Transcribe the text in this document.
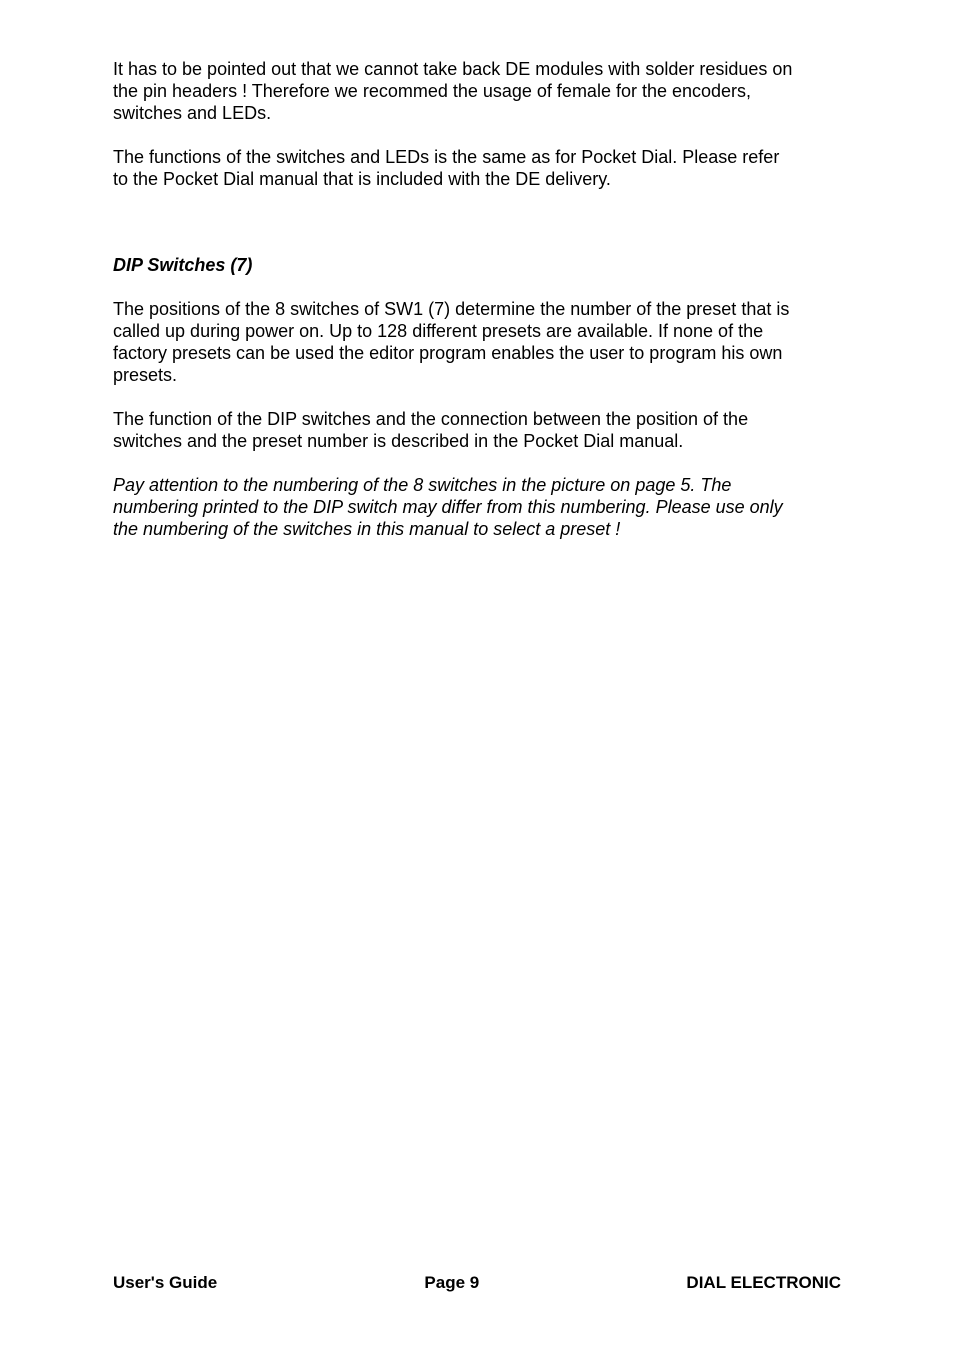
It has to be pointed out that we cannot take back DE modules with solder residues on
the pin headers ! Therefore we recommed the usage of female for the encoders,
switches and LEDs.

The functions of the switches and LEDs is the same as for Pocket Dial. Please refer
to the Pocket Dial manual that is included with the DE delivery.

DIP Switches (7)

The positions of the 8 switches of SW1 (7) determine the number of the preset that is
called up during power on. Up to 128 different presets are available. If none of the
factory presets can be used the editor program enables the user to program his own
presets.

The function of the DIP switches and the connection between the position of the
switches and the preset number is described in the Pocket Dial manual.

Pay attention to the numbering of the 8 switches in the picture on page 5. The
numbering printed to the DIP switch may differ from this numbering. Please use only
the numbering of the switches in this manual to select a preset !

User's Guide	Page 9	DIAL ELECTRONIC
